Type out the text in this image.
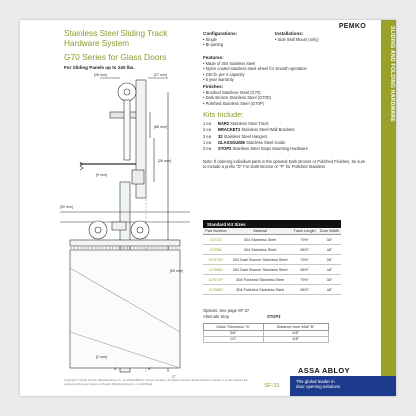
PEMKO	SLIDING AND FOLDING HARDWARE
Stainless Steel Sliding Track Hardware System
G70 Series for Glass Doors
For Sliding Panels up to 240 lbs.
[26 mm]	[27 mm]
[86 mm]
[26 mm]
[9 mm]
[2 mm]
[89 mm]
[50 mm]
A"	B"
C"
Configurations:
• Single
• Bi-parting
Installations:
• Side Wall Mount (only)
Features:
• Made of 304 stainless steel
• Nylon coated stainless steel wheel for smooth operation
• 240 lb. per 4 capacity
• 5 year warranty
Finishes:
• Brushed Stainless Steel (G70)
• Dark Bronze Stainless Steel (G70D)
• Polished Stainless Steel (G70P)
Kits Include:
1 ea	BAR2 Stainless Steel Track
2 ea	BRACKET2 Stainless Steel Wall Brackets
2 ea	32 Stainless Steel Hangers
1 ea	GLASSGUIDE Stainless Steel Guide
2 ea	STOP2 Stainless Steel Stops Mounting Hardware
Note: If ordering individual parts in the optional Dark Bronze or Polished Finishes, be sure to include a prefix "D" For Dark Bronze or "P" for Polished Stainless
Standard Kit Sizes
Part Number	Material	Track Length	Door Width
G7072	304 Stainless Steel	79½"	36"
G7096	304 Stainless Steel	98½"	48"
G7072D	304 Dark Bronze Stainless Steel	79½"	36"
G7096D	304 Dark Bronze Stainless Steel	98½"	48"
G7072P	304 Polished Stainless Steel	79½"	36"
G7096P	304 Polished Stainless Steel	98½"	48"
Options: See page SF-37
Alternate Stop	STOP3
Glass Thickness "A"	Distance from Wall "B"
3/8"	5/8"
1/2"	3/8"
Copyright © 2019, Pemko Manufacturing Co., an ASSA ABLOY Group company. All rights reserved. Reproduction in whole or in part without the express written permission of Pemko Manufacturing Co. is prohibited.	SF-31
ASSA ABLOY
The global leader in
door opening solutions
